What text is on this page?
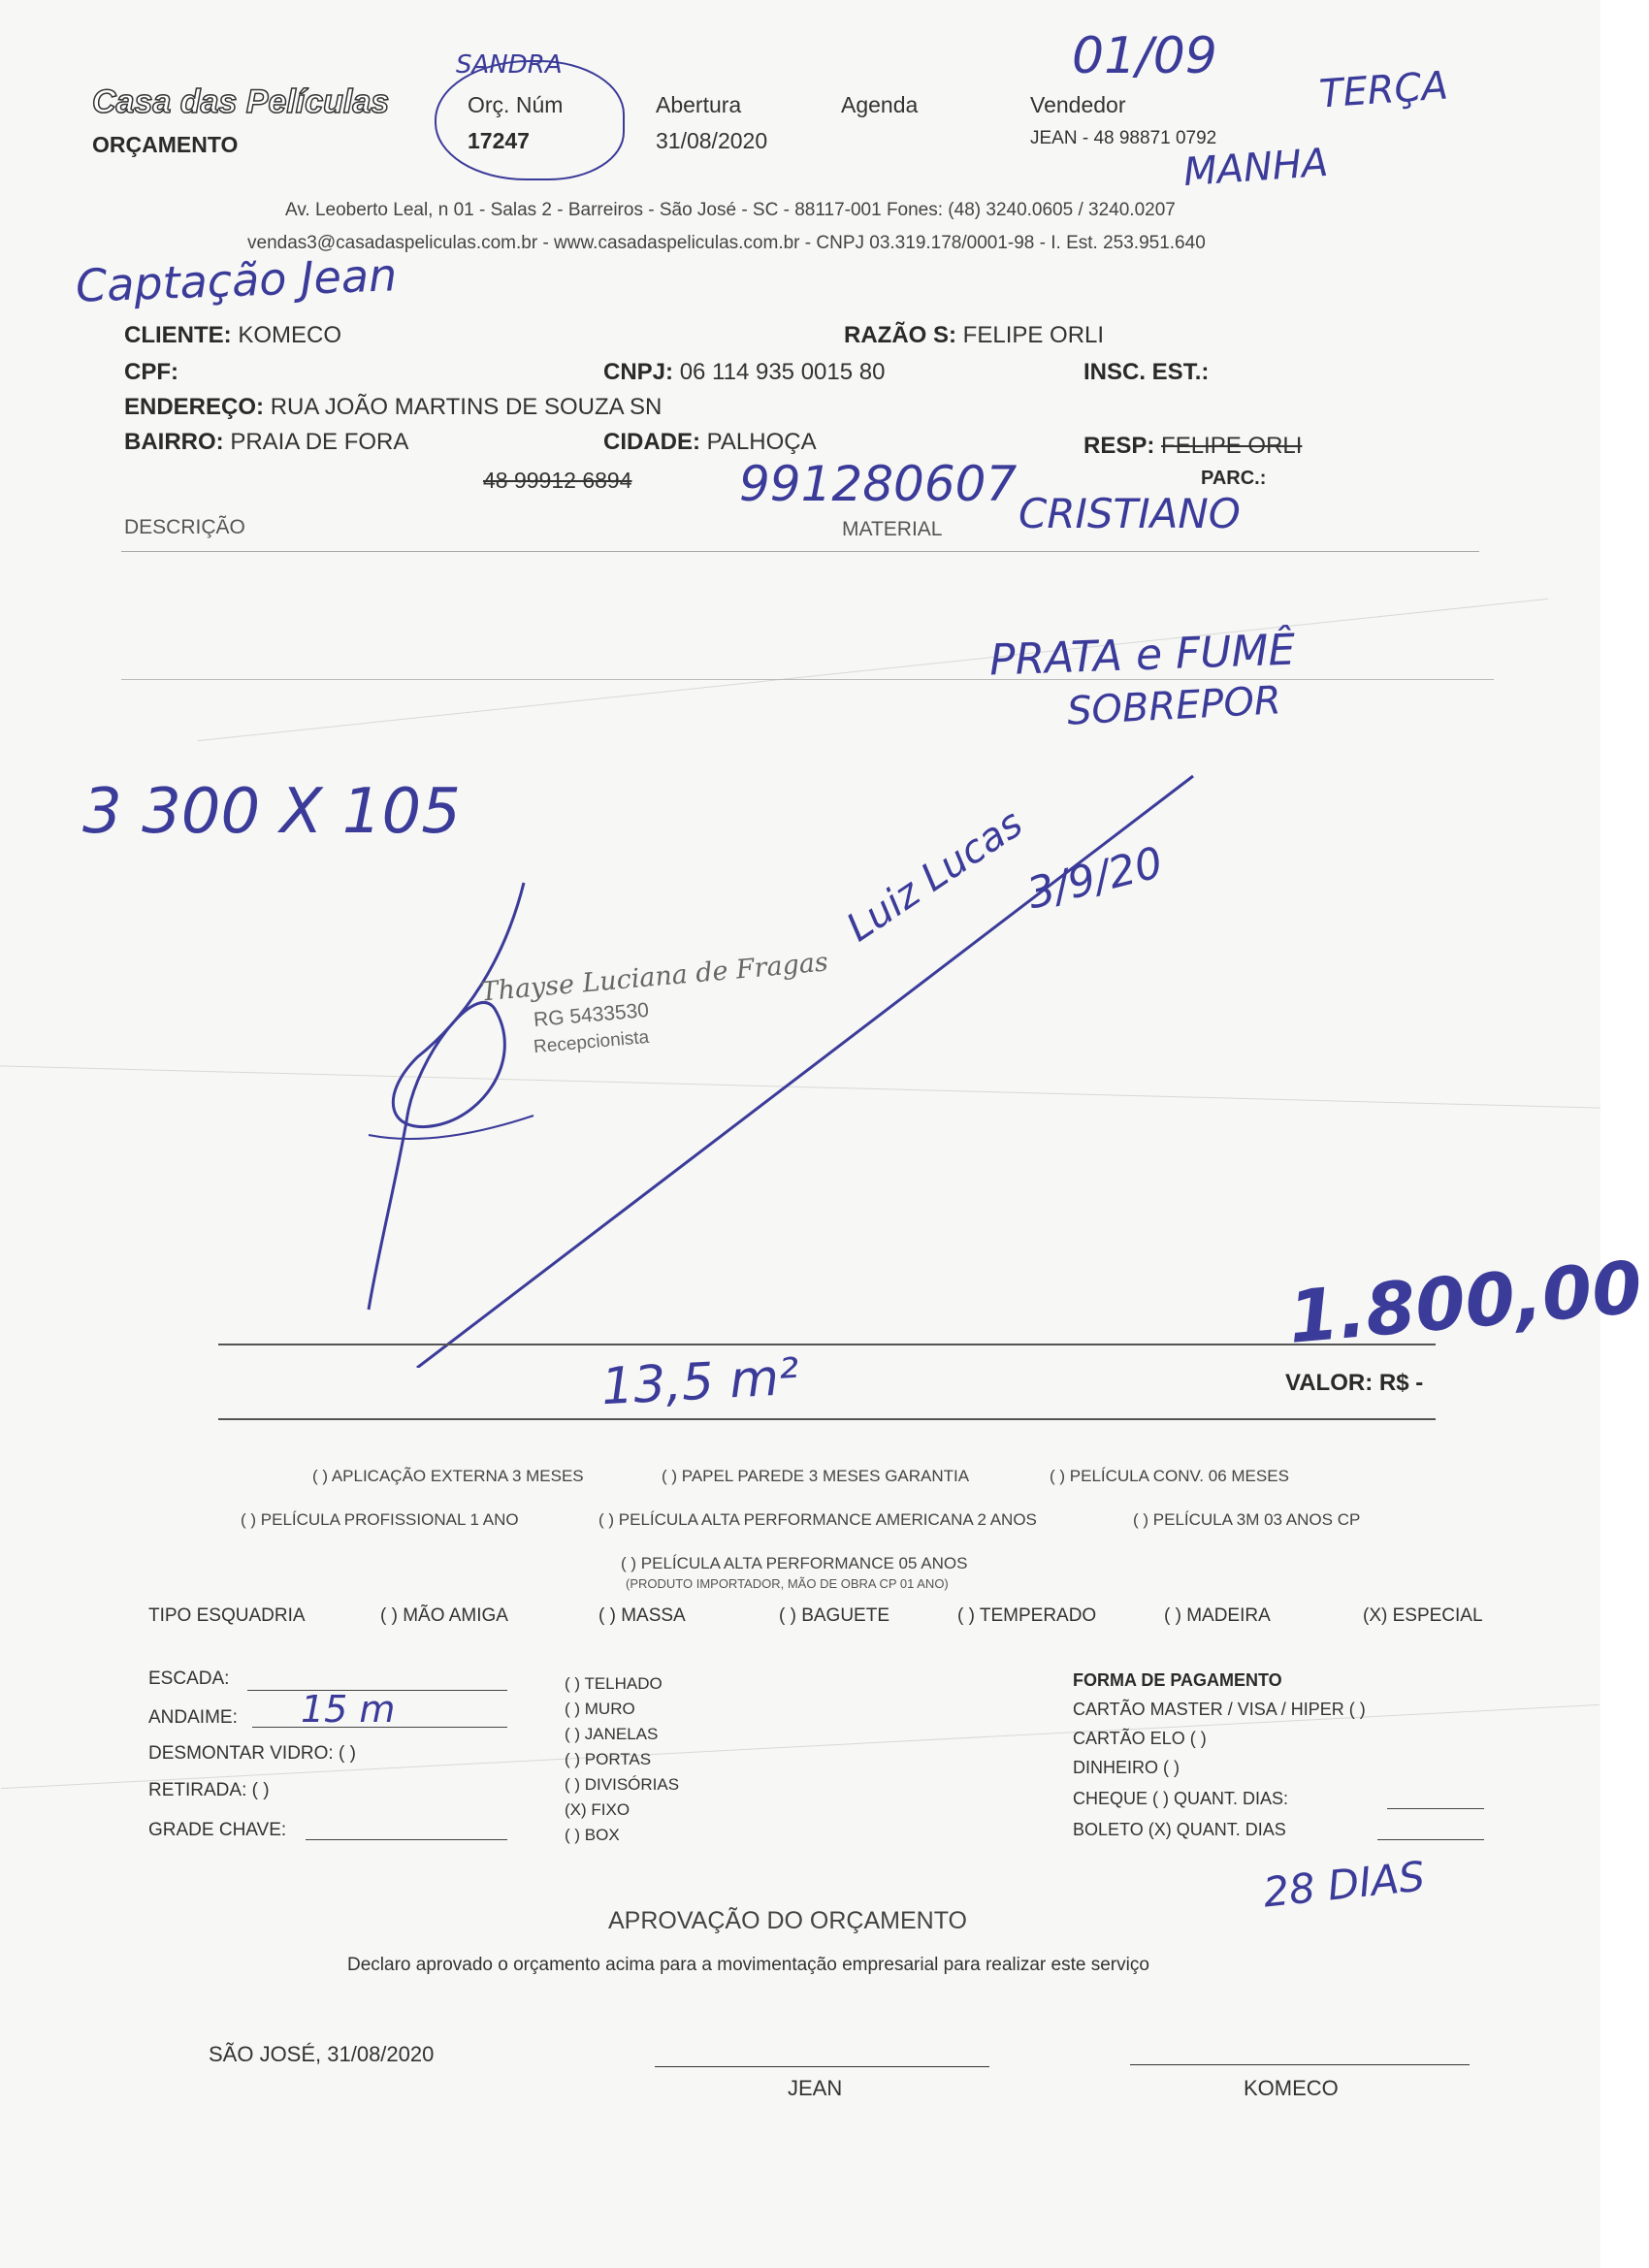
Casa das Películas
ORÇAMENTO
SANDRA
Orç. Núm
17247
Abertura
31/08/2020
Agenda
01/09
Vendedor
JEAN - 48 98871 0792
TERÇA
MANHA
Av. Leoberto Leal, n 01 - Salas 2 - Barreiros - São José - SC - 88117-001 Fones: (48) 3240.0605 / 3240.0207
vendas3@casadaspeliculas.com.br - www.casadaspeliculas.com.br - CNPJ 03.319.178/0001-98 - I. Est. 253.951.640
Captação Jean
CLIENTE: KOMECO	RAZÃO S: FELIPE ORLI
CPF:	CNPJ: 06 114 935 0015 80	INSC. EST.:
ENDEREÇO: RUA JOÃO MARTINS DE SOUZA SN
BAIRRO: PRAIA DE FORA	CIDADE: PALHOÇA	RESP: FELIPE ORLI
48 99912 6894 991280607	PARC.:
DESCRIÇÃO	MATERIAL CRISTIANO
PRATA e FUMÊ
SOBREPOR
3 300 X 105
Thayse Luciana de Fragas
RG 5433530
Recepcionista
Luiz Lucas
3/9/20
1.800,00
13,5 m²	VALOR: R$ -
( ) APLICAÇÃO EXTERNA 3 MESES	( ) PAPEL PAREDE 3 MESES GARANTIA	( ) PELÍCULA CONV. 06 MESES
( ) PELÍCULA PROFISSIONAL 1 ANO	( ) PELÍCULA ALTA PERFORMANCE AMERICANA 2 ANOS	( ) PELÍCULA 3M 03 ANOS CP
( ) PELÍCULA ALTA PERFORMANCE 05 ANOS
(PRODUTO IMPORTADOR, MÃO DE OBRA CP 01 ANO)
TIPO ESQUADRIA	( ) MÃO AMIGA	( ) MASSA	( ) BAGUETE	( ) TEMPERADO	( ) MADEIRA	(X) ESPECIAL
ESCADA:
ANDAIME: 15 m
DESMONTAR VIDRO: ( )
RETIRADA: ( )
GRADE CHAVE:
( ) TELHADO
( ) MURO
( ) JANELAS
( ) PORTAS
( ) DIVISÓRIAS
(X) FIXO
( ) BOX
FORMA DE PAGAMENTO
CARTÃO MASTER / VISA / HIPER ( )
CARTÃO ELO ( )
DINHEIRO ( )
CHEQUE ( ) QUANT. DIAS:
BOLETO (X) QUANT. DIAS
28 DIAS
APROVAÇÃO DO ORÇAMENTO
Declaro aprovado o orçamento acima para a movimentação empresarial para realizar este serviço
SÃO JOSÉ, 31/08/2020
JEAN	KOMECO
